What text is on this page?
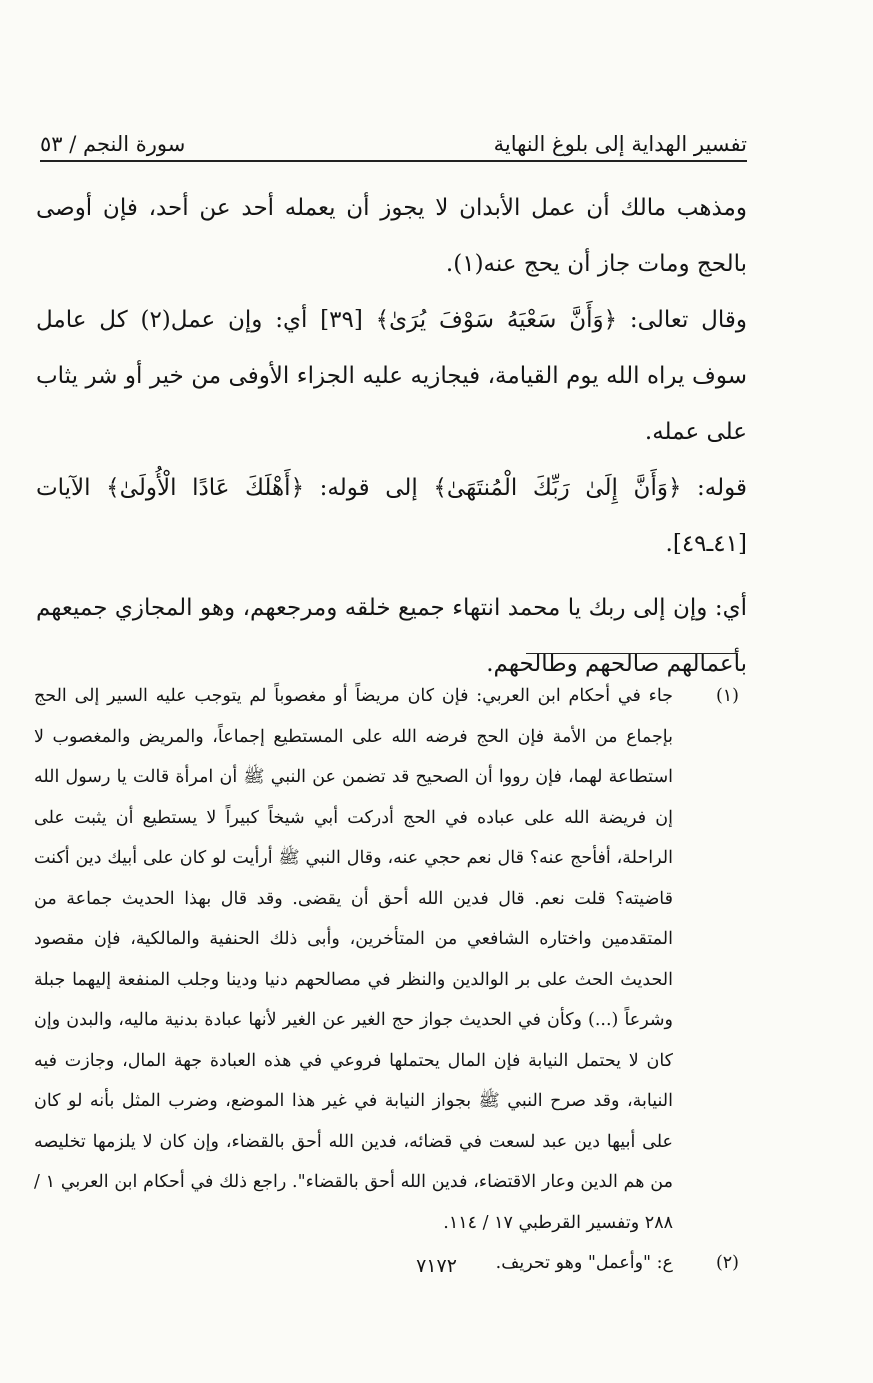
تفسير الهداية إلى بلوغ النهاية
سورة النجم / ٥٣

ومذهب مالك أن عمل الأبدان لا يجوز أن يعمله أحد عن أحد، فإن أوصى بالحج ومات جاز أن يحج عنه(١).

وقال تعالى: ﴿وَأَنَّ سَعْيَهُ سَوْفَ يُرَىٰ﴾ [٣٩] أي: وإن عمل(٢) كل عامل سوف يراه الله يوم القيامة، فيجازيه عليه الجزاء الأوفى من خير أو شر يثاب على عمله.

قوله: ﴿وَأَنَّ إِلَىٰ رَبِّكَ الْمُنتَهَىٰ﴾ إلى قوله: ﴿أَهْلَكَ عَادًا الْأُولَىٰ﴾ الآيات [٤١ـ٤٩].

أي: وإن إلى ربك يا محمد انتهاء جميع خلقه ومرجعهم، وهو المجازي جميعهم بأعمالهم صالحهم وطالحهم.

(١)
جاء في أحكام ابن العربي: فإن كان مريضاً أو مغصوباً لم يتوجب عليه السير إلى الحج بإجماع من الأمة فإن الحج فرضه الله على المستطيع إجماعاً، والمريض والمغصوب لا استطاعة لهما، فإن رووا أن الصحيح قد تضمن عن النبي ﷺ أن امرأة قالت يا رسول الله إن فريضة الله على عباده في الحج أدركت أبي شيخاً كبيراً لا يستطيع أن يثبت على الراحلة، أفأحج عنه؟ قال نعم حجي عنه، وقال النبي ﷺ أرأيت لو كان على أبيك دين أكنت قاضيته؟ قلت نعم. قال فدين الله أحق أن يقضى. وقد قال بهذا الحديث جماعة من المتقدمين واختاره الشافعي من المتأخرين، وأبى ذلك الحنفية والمالكية، فإن مقصود الحديث الحث على بر الوالدين والنظر في مصالحهم دنيا ودينا وجلب المنفعة إليهما جبلة وشرعاً (...) وكأن في الحديث جواز حج الغير عن الغير لأنها عبادة بدنية ماليه، والبدن وإن كان لا يحتمل النيابة فإن المال يحتملها فروعي في هذه العبادة جهة المال، وجازت فيه النيابة، وقد صرح النبي ﷺ بجواز النيابة في غير هذا الموضع، وضرب المثل بأنه لو كان على أبيها دين عبد لسعت في قضائه، فدين الله أحق بالقضاء، وإن كان لا يلزمها تخليصه من هم الدين وعار الاقتضاء، فدين الله أحق بالقضاء". راجع ذلك في أحكام ابن العربي ١ / ٢٨٨ وتفسير القرطبي ١٧ / ١١٤.
(٢)
ع: "وأعمل" وهو تحريف.
٧١٧٢
